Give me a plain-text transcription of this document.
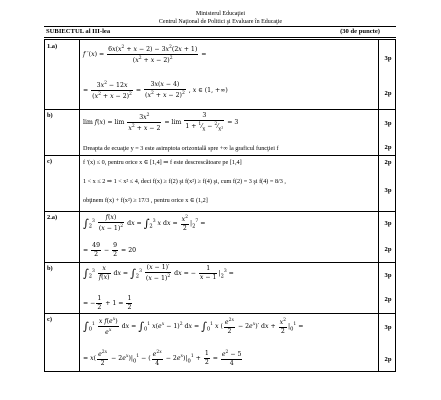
Ministerul Educaţiei
Centrul Naţional de Politici şi Evaluare în Educaţie
SUBIECTUL al III-lea	(30 de puncte)
1.a)
3p
2p
f $'(x) = \frac{6x(x^2 + x - 2) - 3x^2(2x + 1)}{(x^2 + x - 2)^2}$ =
= $\frac{3x^2 - 12x}{(x^2 + x - 2)^2} = \frac{3x(x - 4)}{(x^2 + x - 2)^2}$ , x ∈ (1, +∞)
b)
3p
2p
$\lim f(x) = \lim \frac{3x^2}{x^2 + x - 2} = \lim \frac{3}{1 + ^1⁄_x - ^2⁄_{x^2}} = 3$
Dreapta de ecuaţie y = 3 este asimptota orizontală spre +∞ la graficul funcţiei f
c)	2p
3p
f ′(x) ≤ 0, pentru orice x ∈ [1,4] ⇒ f este descrescătoare pe [1,4]
1 < x ≤ 2 ⇒ 1 < x² ≤ 4, deci f(x) ≥ f(2) şi f(x²) ≥ f(4) şi, cum f(2) = 3 şi f(4) = 8/3 ,
obţinem f(x) + f(x²) ≥ 17/3 , pentru orice x ∈ (1,2]
2.a)
3p
2p
$\int_2^3 \frac{f(x)}{(x - 1)^2}$ dx = $\int_2^3$ x dx = $\frac{x^2}{2} |_2^7$ =
= $\frac{49}{2} - \frac{9}{2} = 20$
b)
3p
2p
$\int_2^3 \frac{x}{f(x)}$ dx = $\int_2^3 \frac{(x - 1)'}{(x - 1)^2}$ dx = − $\frac{1}{x - 1} |_2^3$ =
= − $\frac{1}{2} + 1 = \frac{1}{2}$
c)
3p
2p
$\int_0^1 \frac{x f(e^x)}{e^x}$ dx = $\int_0^1$ $x(e^x - 1)^2$ dx = $\int_0^1$ x ( $\frac{e^{2x}}{2} - 2e^x)'$ dx + $\frac{x^2}{2} |_0^1$ =
= $x( \frac{e^{2x}}{2} - 2e^x)|_0^1$ − ( $\frac{e^{2x}}{4} - 2e^x)|_0^1 + \frac{1}{2} = \frac{e^2 - 5}{4}$
